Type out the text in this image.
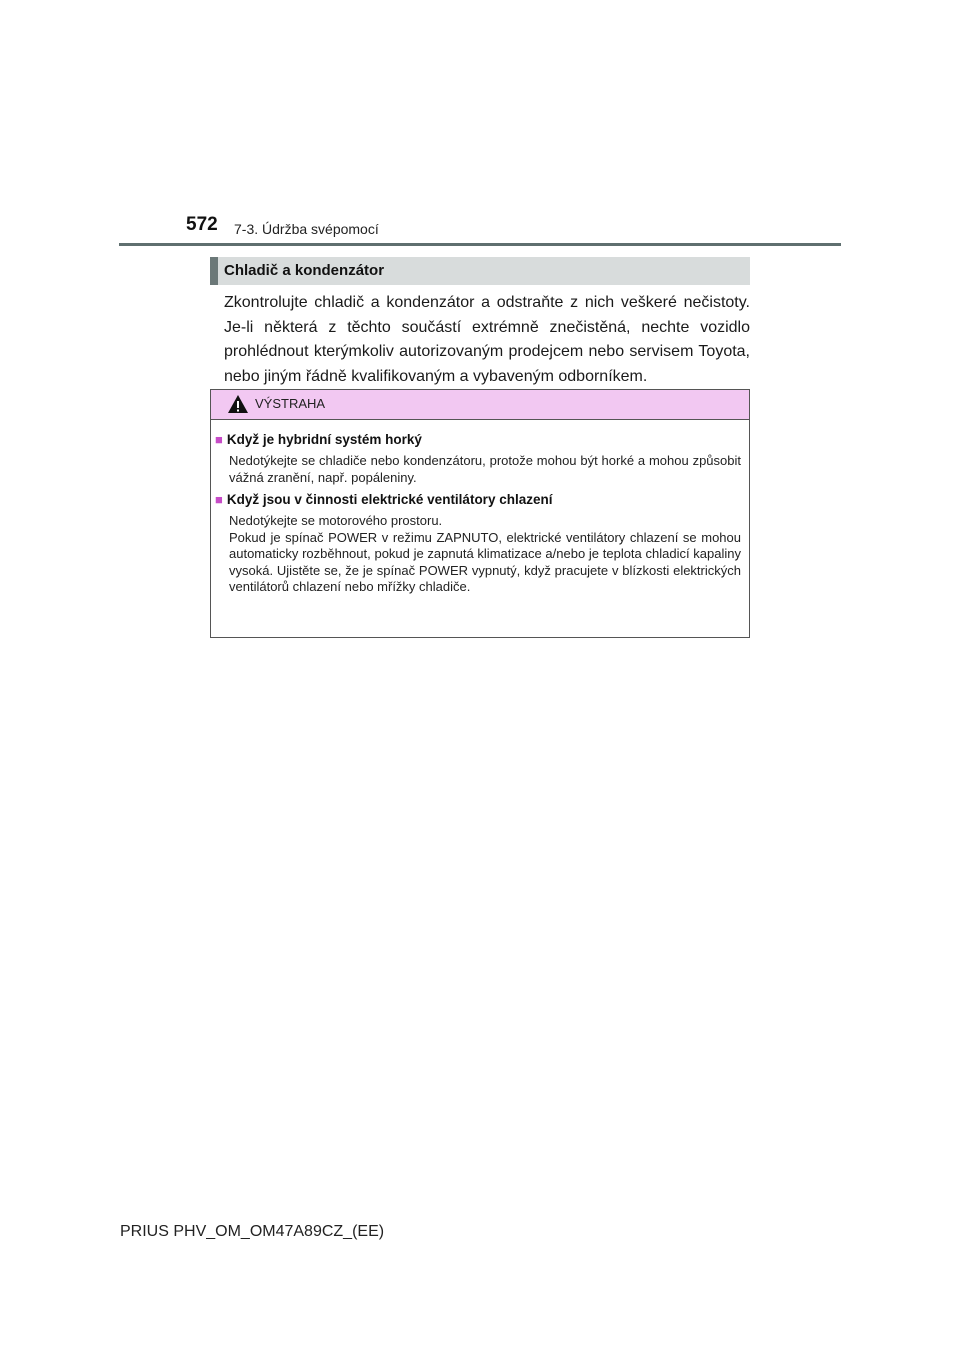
572 7-3. Údržba svépomocí
Chladič a kondenzátor
Zkontrolujte chladič a kondenzátor a odstraňte z nich veškeré nečistoty. Je-li některá z těchto součástí extrémně znečistěná, nechte vozidlo prohlédnout kterýmkoliv autorizovaným prodejcem nebo servisem Toyota, nebo jiným řádně kvalifikovaným a vybaveným odborníkem.
VÝSTRAHA
■ Když je hybridní systém horký
Nedotýkejte se chladiče nebo kondenzátoru, protože mohou být horké a mohou způsobit vážná zranění, např. popáleniny.
■ Když jsou v činnosti elektrické ventilátory chlazení
Nedotýkejte se motorového prostoru.
Pokud je spínač POWER v režimu ZAPNUTO, elektrické ventilátory chlazení se mohou automaticky rozběhnout, pokud je zapnutá klimatizace a/nebo je teplota chladicí kapaliny vysoká. Ujistěte se, že je spínač POWER vypnutý, když pracujete v blízkosti elektrických ventilátorů chlazení nebo mřížky chladiče.
PRIUS PHV_OM_OM47A89CZ_(EE)
